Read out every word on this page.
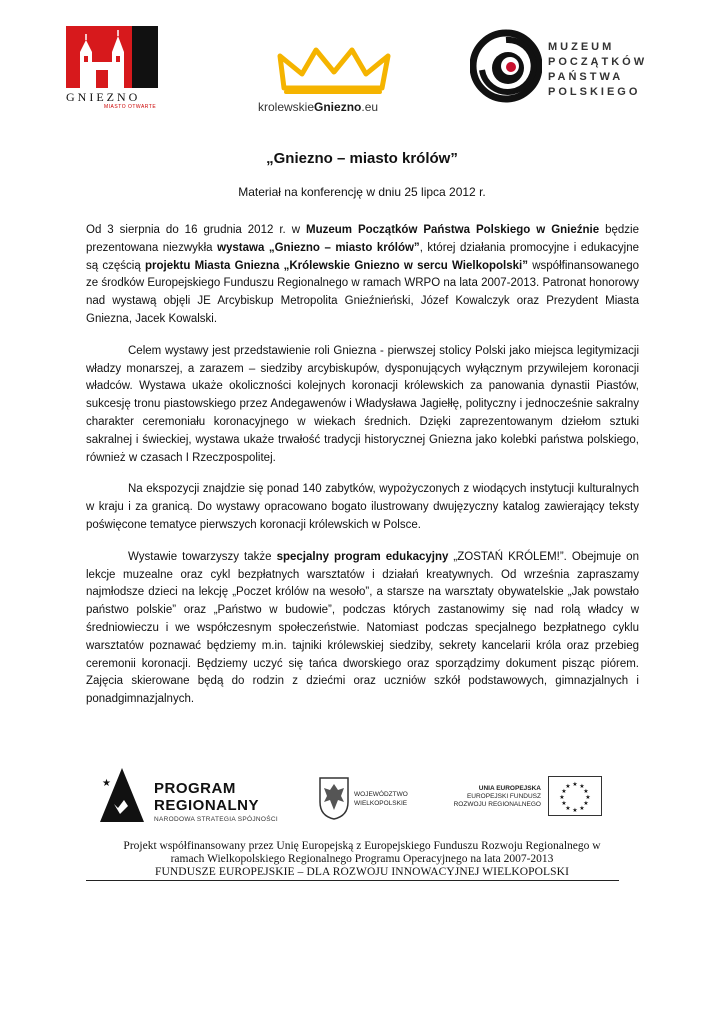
GNIEZNO
MIASTO OTWARTE	krolewskieGniezno.eu
MUZEUM
POCZĄTKÓW
PAŃSTWA
POLSKIEGO
„Gniezno – miasto królów”
Materiał na konferencję w dniu 25 lipca 2012 r.

Od 3 sierpnia do 16 grudnia 2012 r. w Muzeum Początków Państwa Polskiego w Gnieźnie będzie prezentowana niezwykła wystawa „Gniezno – miasto królów”, której działania promocyjne i edukacyjne są częścią projektu Miasta Gniezna „Królewskie Gniezno w sercu Wielkopolski” współfinansowanego ze środków Europejskiego Funduszu Regionalnego w ramach WRPO na lata 2007-2013. Patronat honorowy nad wystawą objęli JE Arcybiskup Metropolita Gnieźnieński, Józef Kowalczyk oraz Prezydent Miasta Gniezna, Jacek Kowalski.

Celem wystawy jest przedstawienie roli Gniezna - pierwszej stolicy Polski jako miejsca legitymizacji władzy monarszej, a zarazem – siedziby arcybiskupów, dysponujących wyłącznym przywilejem koronacji władców. Wystawa ukaże okoliczności kolejnych koronacji królewskich za panowania dynastii Piastów, sukcesję tronu piastowskiego przez Andegawenów i Władysława Jagiełłę, polityczny i jednocześnie sakralny charakter ceremoniału koronacyjnego w wiekach średnich. Dzięki zaprezentowanym dziełom sztuki sakralnej i świeckiej, wystawa ukaże trwałość tradycji historycznej Gniezna jako kolebki państwa polskiego, również w czasach I Rzeczpospolitej.

Na ekspozycji znajdzie się ponad 140 zabytków, wypożyczonych z wiodących instytucji kulturalnych w kraju i za granicą. Do wystawy opracowano bogato ilustrowany dwujęzyczny katalog zawierający teksty poświęcone tematyce pierwszych koronacji królewskich w Polsce.

Wystawie towarzyszy także specjalny program edukacyjny „ZOSTAŃ KRÓLEM!”. Obejmuje on lekcje muzealne oraz cykl bezpłatnych warsztatów i działań kreatywnych. Od września zapraszamy najmłodsze dzieci na lekcję „Poczet królów na wesoło”, a starsze na warsztaty obywatelskie „Jak powstało państwo polskie” oraz „Państwo w budowie”, podczas których zastanowimy się nad rolą władcy w średniowieczu i we współczesnym społeczeństwie. Natomiast podczas specjalnego bezpłatnego cyklu warsztatów poznawać będziemy m.in. tajniki królewskiej siedziby, sekrety kancelarii króla oraz przebieg ceremonii koronacji. Będziemy uczyć się tańca dworskiego oraz sporządzimy dokument pisząc piórem. Zajęcia skierowane będą do rodzin z dziećmi oraz uczniów szkół podstawowych, gimnazjalnych i ponadgimnazjalnych.

★
★ PROGRAM
REGIONALNY
NARODOWA STRATEGIA SPÓJNOŚCI
WOJEWÓDZTWO
WIELKOPOLSKIE
UNIA EUROPEJSKA
EUROPEJSKI FUNDUSZ
ROZWOJU REGIONALNEGO
★ ★
★
★
★
★
★
★
★
★
★
★
Projekt współfinansowany przez Unię Europejską z Europejskiego Funduszu Rozwoju Regionalnego w
ramach Wielkopolskiego Regionalnego Programu Operacyjnego na lata 2007-2013
FUNDUSZE EUROPEJSKIE – DLA ROZWOJU INNOWACYJNEJ WIELKOPOLSKI
